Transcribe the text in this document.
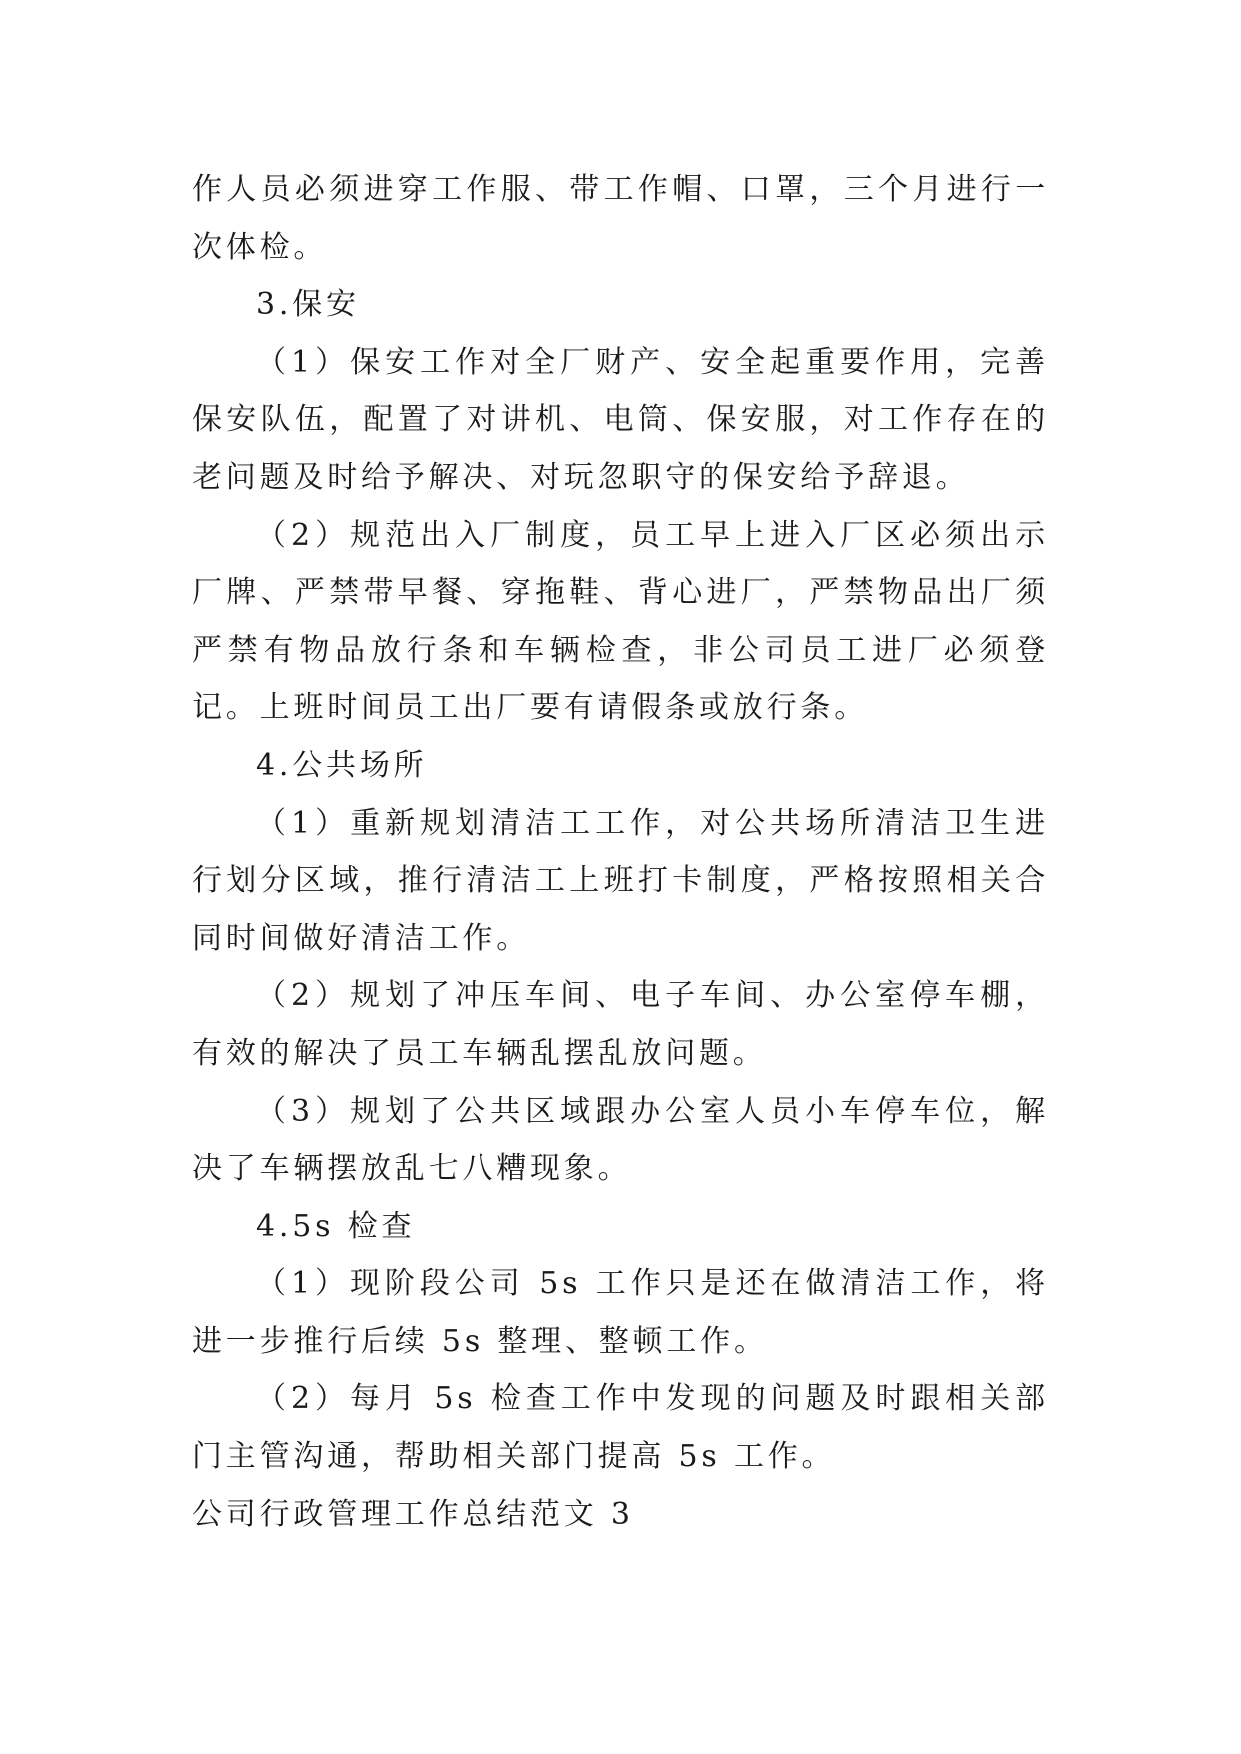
作人员必须进穿工作服、带工作帽、口罩，三个月进行一次体检。

3.保安

（1）保安工作对全厂财产、安全起重要作用，完善保安队伍，配置了对讲机、电筒、保安服，对工作存在的老问题及时给予解决、对玩忽职守的保安给予辞退。

（2）规范出入厂制度，员工早上进入厂区必须出示厂牌、严禁带早餐、穿拖鞋、背心进厂，严禁物品出厂须严禁有物品放行条和车辆检查，非公司员工进厂必须登记。上班时间员工出厂要有请假条或放行条。

4.公共场所

（1）重新规划清洁工工作，对公共场所清洁卫生进行划分区域，推行清洁工上班打卡制度，严格按照相关合同时间做好清洁工作。

（2）规划了冲压车间、电子车间、办公室停车棚，有效的解决了员工车辆乱摆乱放问题。

（3）规划了公共区域跟办公室人员小车停车位，解决了车辆摆放乱七八糟现象。

4.5s 检查

（1）现阶段公司 5s 工作只是还在做清洁工作，将进一步推行后续 5s 整理、整顿工作。

（2）每月 5s 检查工作中发现的问题及时跟相关部门主管沟通，帮助相关部门提高 5s 工作。

公司行政管理工作总结范文 3
